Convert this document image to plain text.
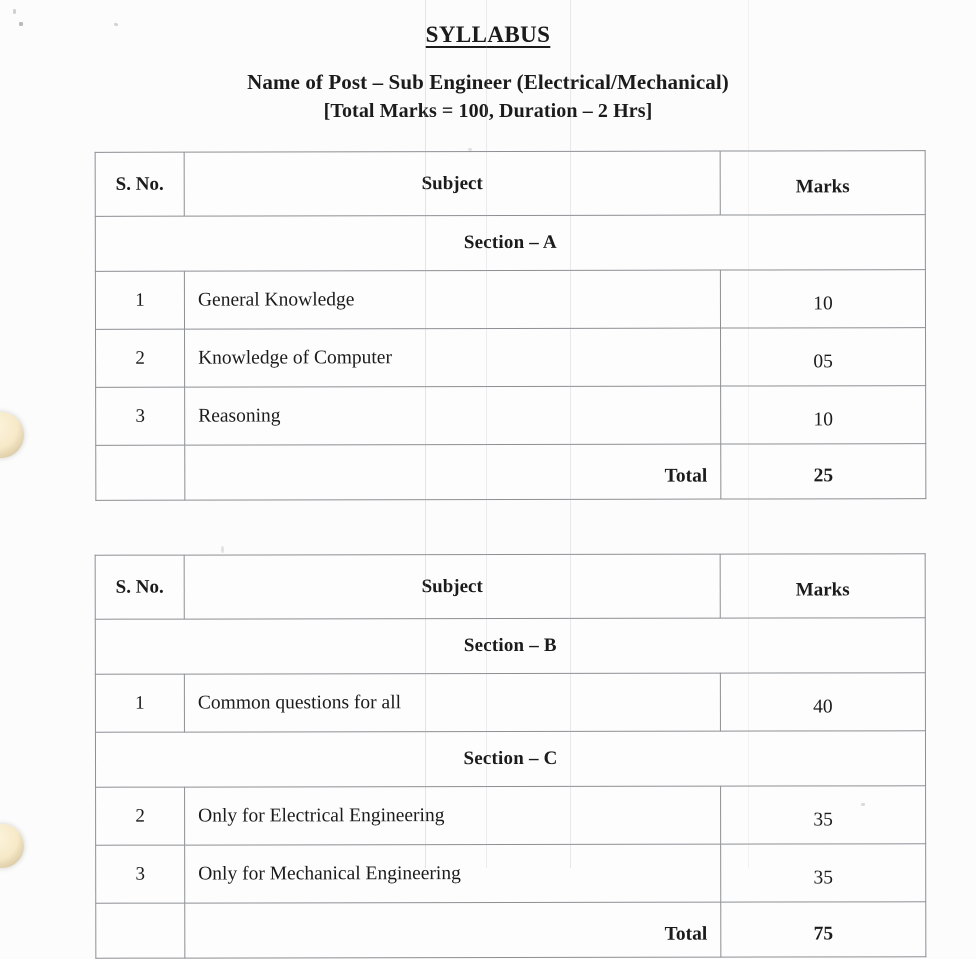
SYLLABUS
Name of Post – Sub Engineer (Electrical/Mechanical)
[Total Marks = 100, Duration – 2 Hrs]
S. No.	Subject	Marks
Section – A		
1	General Knowledge	10
2	Knowledge of Computer	05
3	Reasoning	10
	Total	25
S. No.	Subject	Marks
Section – B		
1	Common questions for all	40
Section – C		
2	Only for Electrical Engineering	35
3	Only for Mechanical Engineering	35
	Total	75
